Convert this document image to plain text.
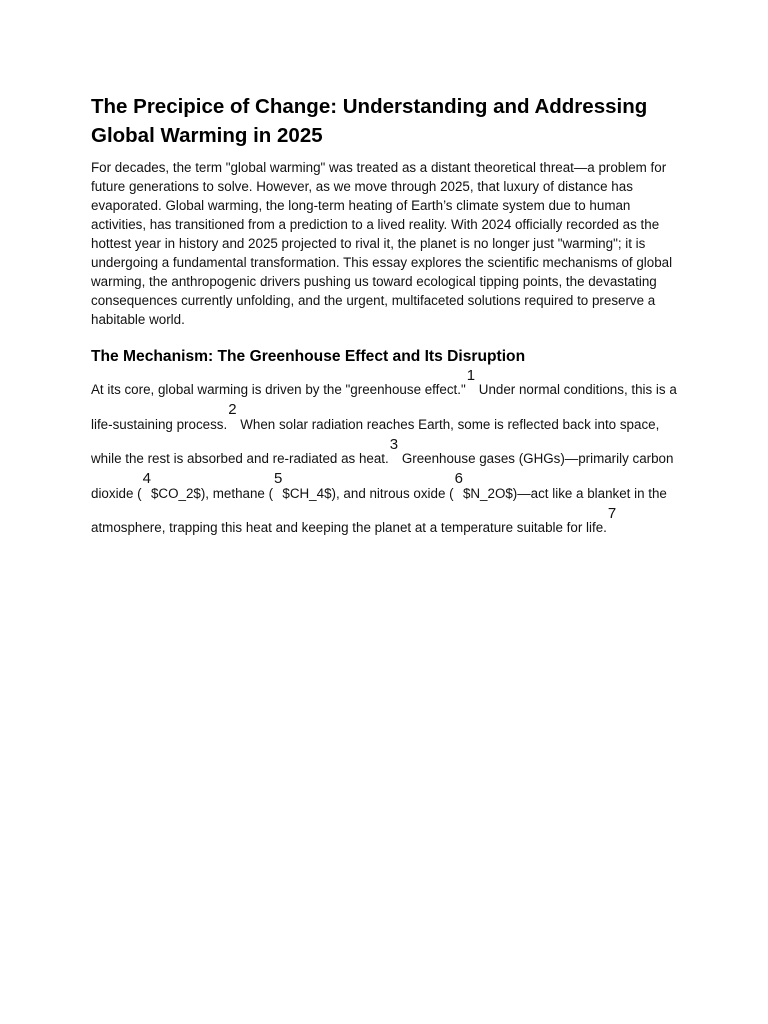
The Precipice of Change: Understanding and Addressing Global Warming in 2025

For decades, the term "global warming" was treated as a distant theoretical threat—a problem for future generations to solve. However, as we move through 2025, that luxury of distance has evaporated. Global warming, the long-term heating of Earth’s climate system due to human activities, has transitioned from a prediction to a lived reality. With 2024 officially recorded as the hottest year in history and 2025 projected to rival it, the planet is no longer just "warming"; it is undergoing a fundamental transformation. This essay explores the scientific mechanisms of global warming, the anthropogenic drivers pushing us toward ecological tipping points, the devastating consequences currently unfolding, and the urgent, multifaceted solutions required to preserve a habitable world.

The Mechanism: The Greenhouse Effect and Its Disruption

At its core, global warming is driven by the "greenhouse effect."$^1$ Under normal conditions, this is a life-sustaining process.$^2$ When solar radiation reaches Earth, some is reflected back into space, while the rest is absorbed and re-radiated as heat.$^3$ Greenhouse gases (GHGs)—primarily carbon dioxide ($^4$\$CO_2$), methane ($^5$\$CH_4$), and nitrous oxide ($^6$\$N_2O$)—act like a blanket in the atmosphere, trapping this heat and keeping the planet at a temperature suitable for life.$^7$
